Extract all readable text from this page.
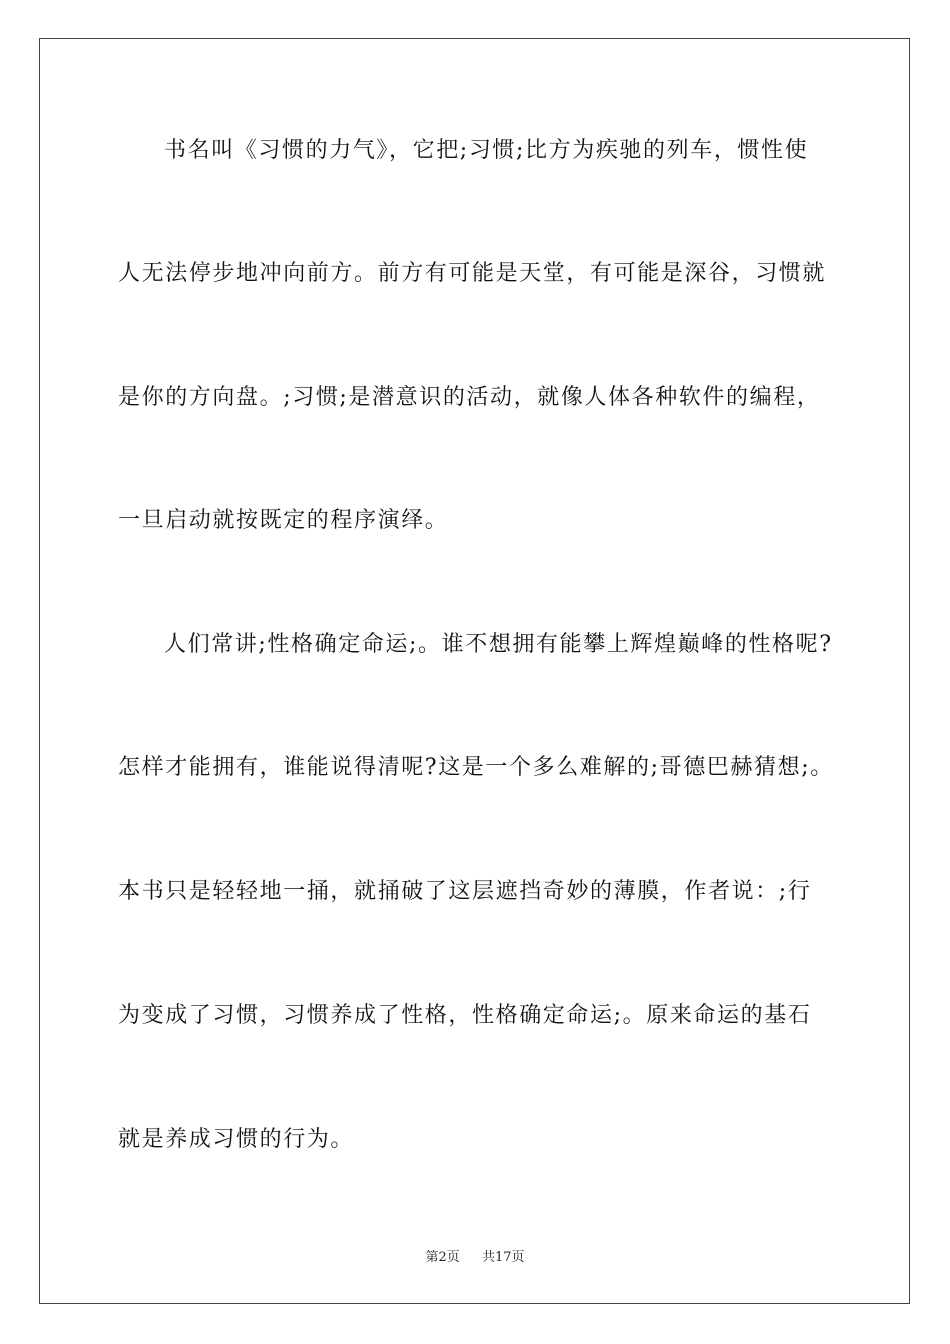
书名叫《习惯的力气》，它把;习惯;比方为疾驰的列车，惯性使
人无法停步地冲向前方。前方有可能是天堂，有可能是深谷，习惯就
是你的方向盘。;习惯;是潜意识的活动，就像人体各种软件的编程，
一旦启动就按既定的程序演绎。
人们常讲;性格确定命运;。谁不想拥有能攀上辉煌巅峰的性格呢?
怎样才能拥有，谁能说得清呢?这是一个多么难解的;哥德巴赫猜想;。
本书只是轻轻地一捅，就捅破了这层遮挡奇妙的薄膜，作者说：;行
为变成了习惯，习惯养成了性格，性格确定命运;。原来命运的基石
就是养成习惯的行为。
第2页 共17页
